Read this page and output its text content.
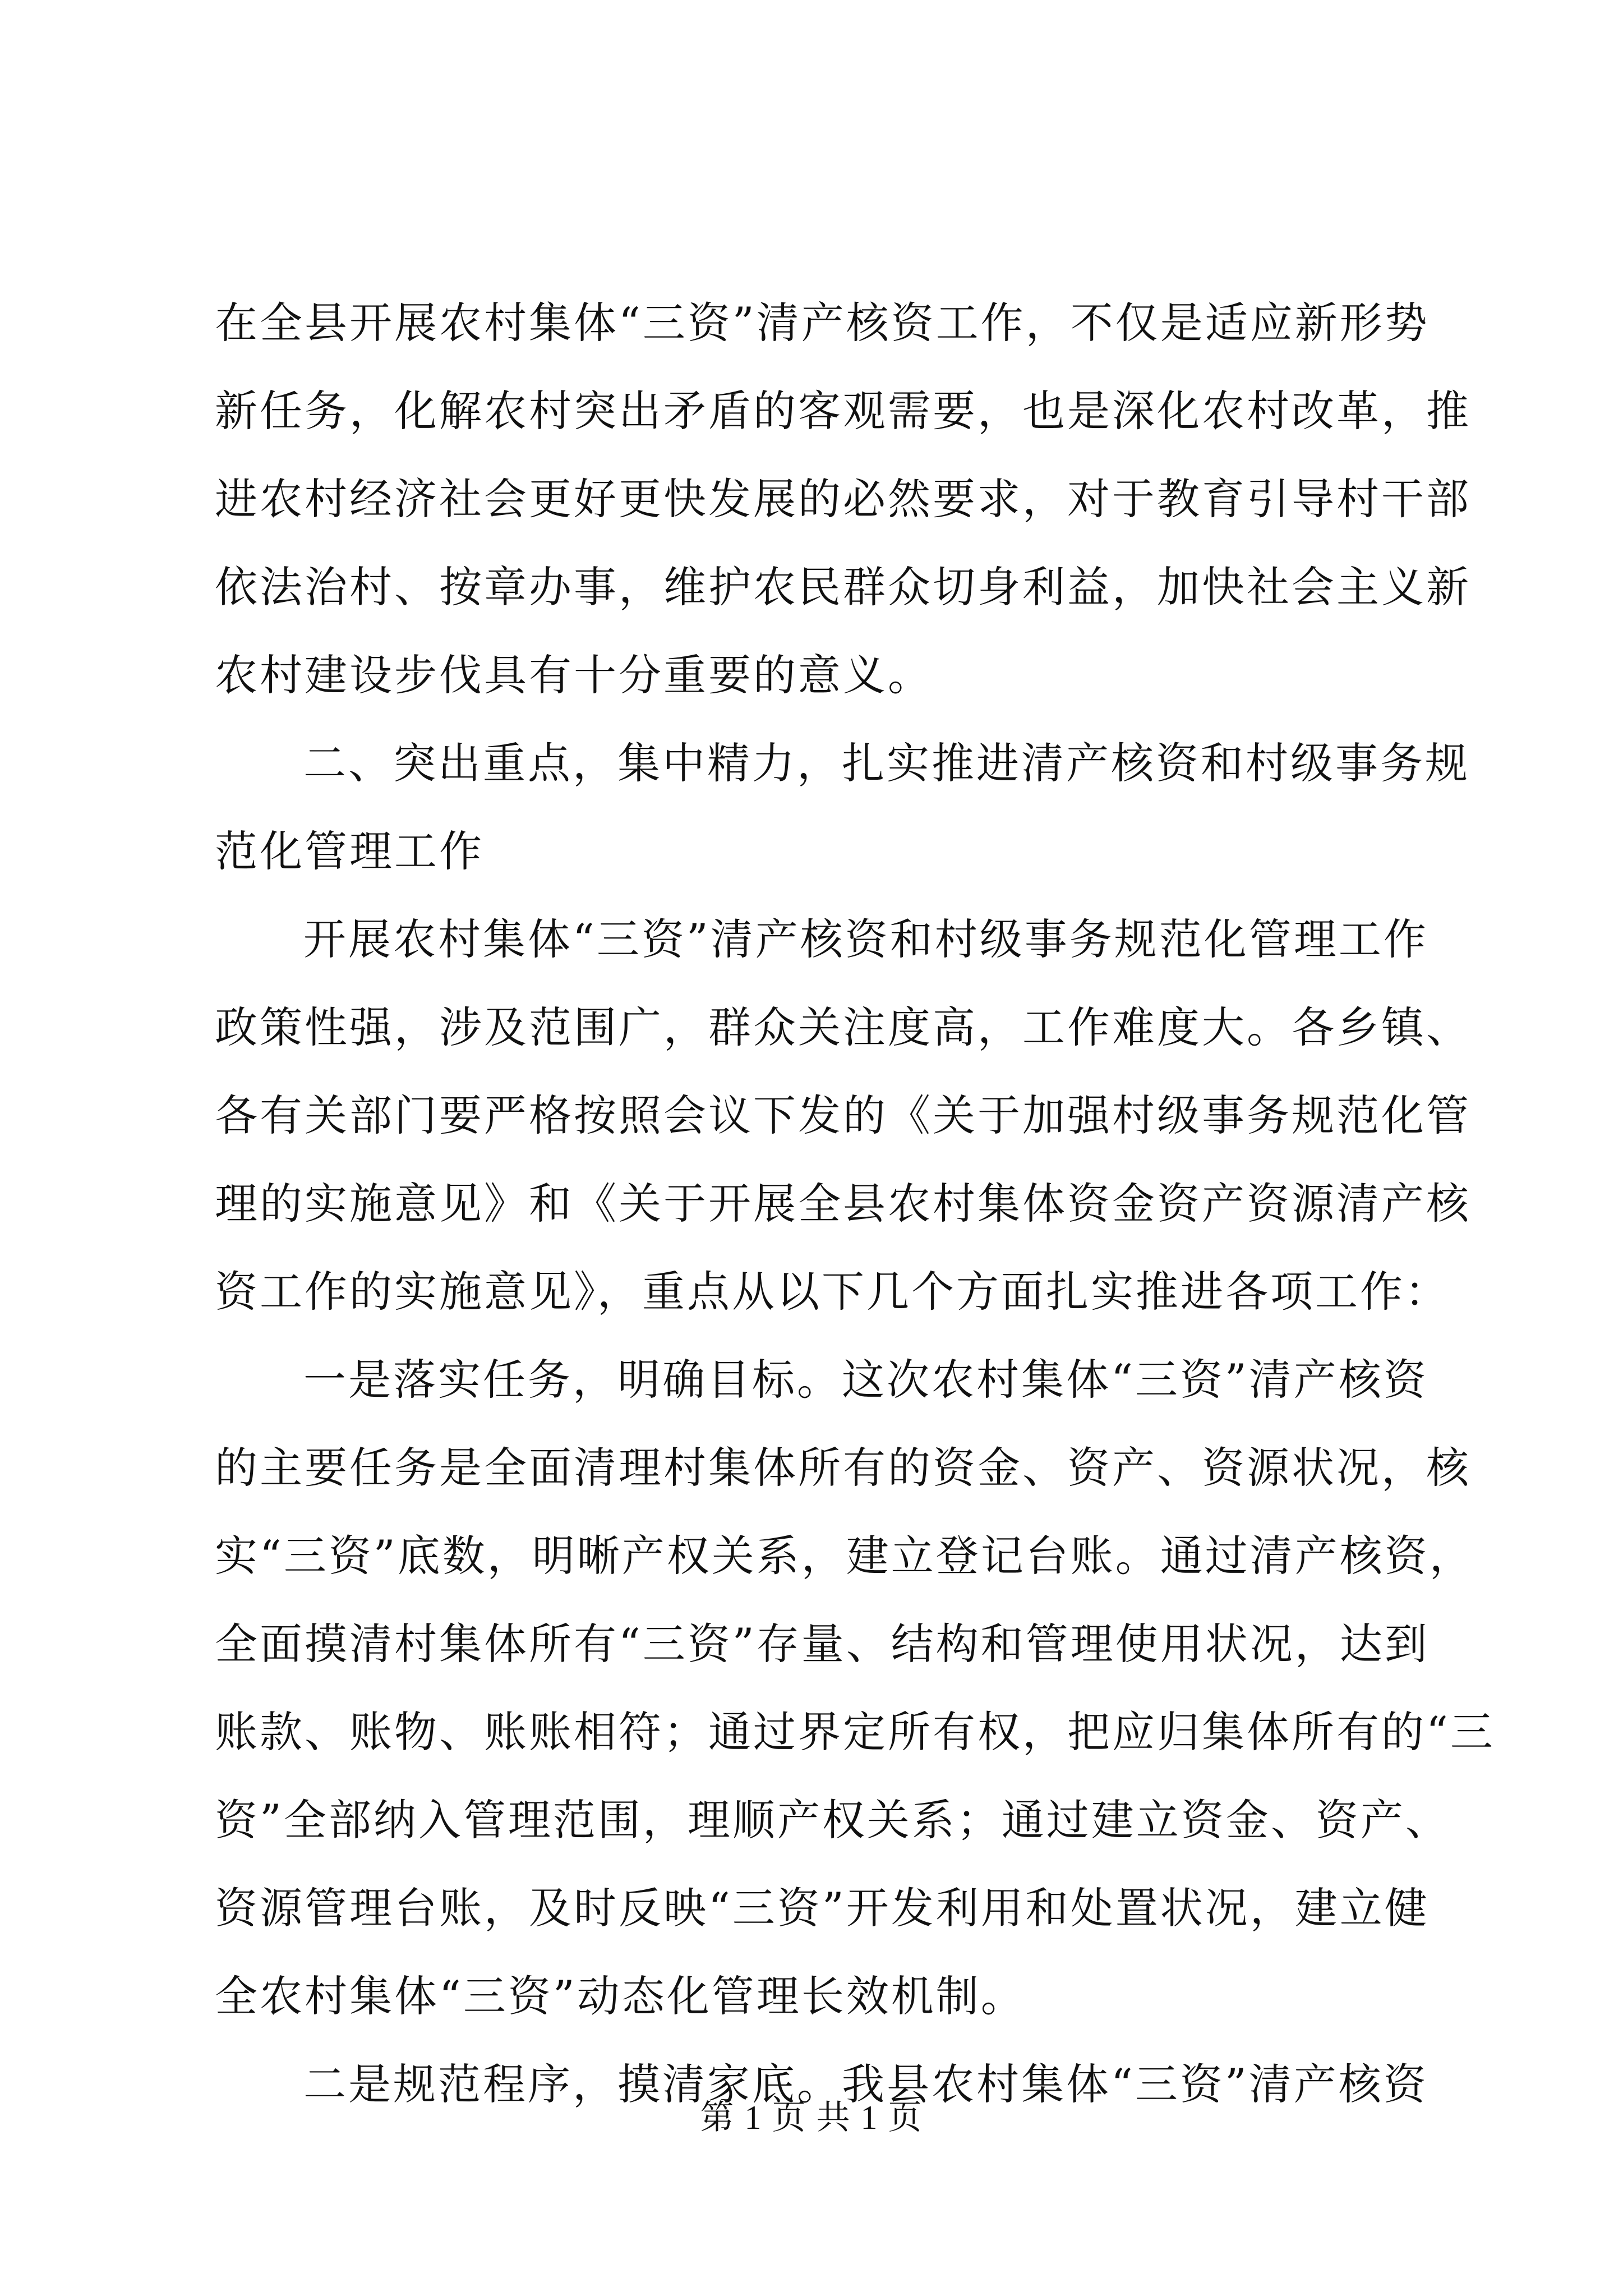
在全县开展农村集体“三资”清产核资工作，不仅是适应新形势
新任务，化解农村突出矛盾的客观需要，也是深化农村改革，推
进农村经济社会更好更快发展的必然要求，对于教育引导村干部
依法治村、按章办事，维护农民群众切身利益，加快社会主义新
农村建设步伐具有十分重要的意义。
二、突出重点，集中精力，扎实推进清产核资和村级事务规
范化管理工作
开展农村集体“三资”清产核资和村级事务规范化管理工作
政策性强，涉及范围广，群众关注度高，工作难度大。各乡镇、
各有关部门要严格按照会议下发的《关于加强村级事务规范化管
理的实施意见》和《关于开展全县农村集体资金资产资源清产核
资工作的实施意见》，重点从以下几个方面扎实推进各项工作：
一是落实任务，明确目标。这次农村集体“三资”清产核资
的主要任务是全面清理村集体所有的资金、资产、资源状况，核
实“三资”底数，明晰产权关系，建立登记台账。通过清产核资，
全面摸清村集体所有“三资”存量、结构和管理使用状况，达到
账款、账物、账账相符；通过界定所有权，把应归集体所有的“三
资”全部纳入管理范围，理顺产权关系；通过建立资金、资产、
资源管理台账，及时反映“三资”开发利用和处置状况，建立健
全农村集体“三资”动态化管理长效机制。
二是规范程序，摸清家底。我县农村集体“三资”清产核资
第 1 页 共 1 页
